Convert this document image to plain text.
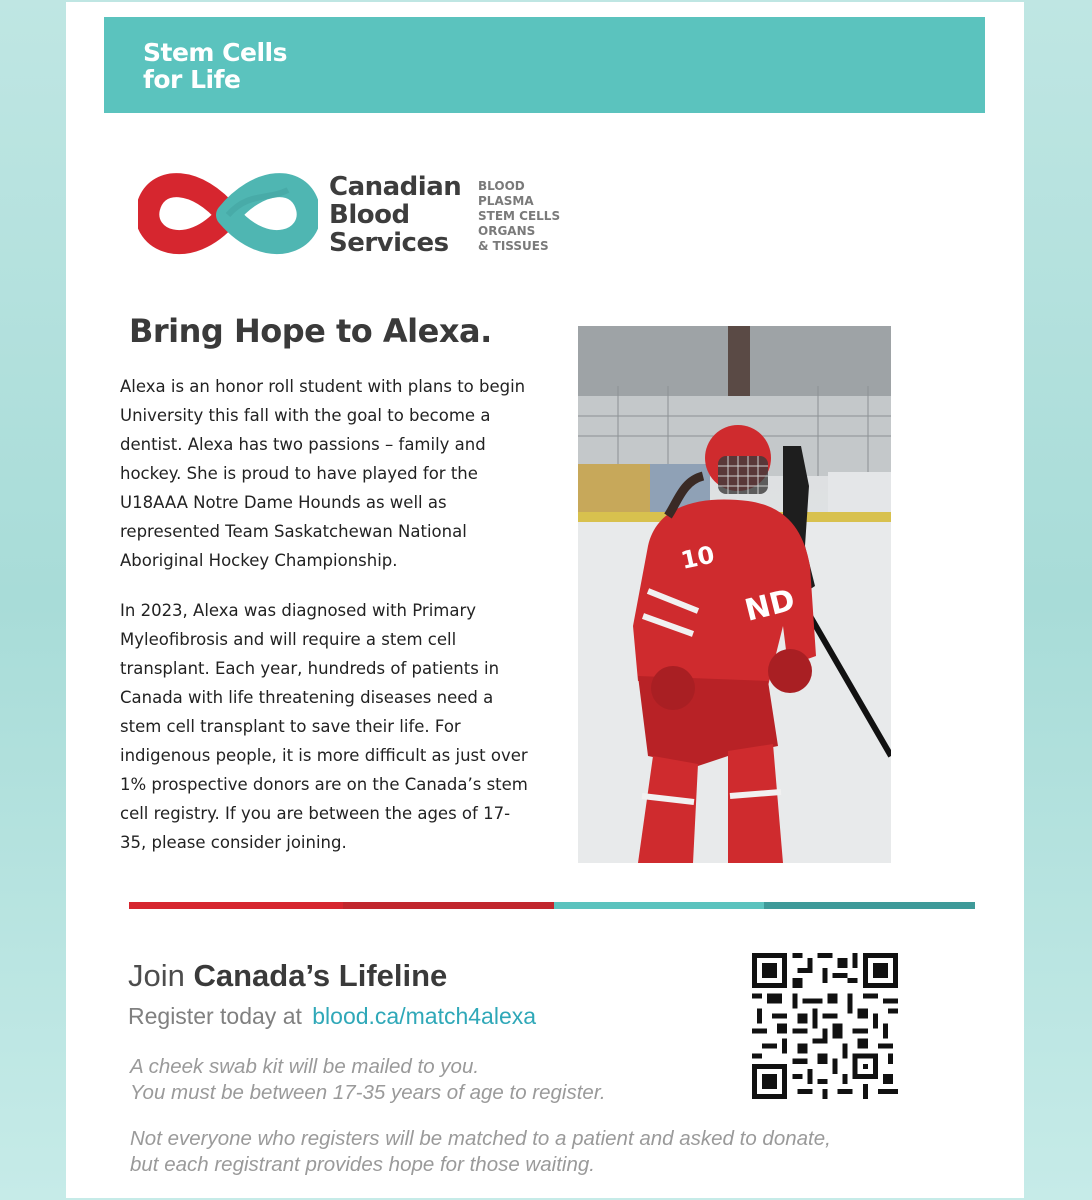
Stem Cells
for Life
Canadian
Blood
Services
BLOOD
PLASMA
STEM CELLS
ORGANS
& TISSUES
Bring Hope to Alexa.

Alexa is an honor roll student with plans to begin University this fall with the goal to become a dentist. Alexa has two passions – family and hockey. She is proud to have played for the U18AAA Notre Dame Hounds as well as represented Team Saskatchewan National Aboriginal Hockey Championship.

In 2023, Alexa was diagnosed with Primary Myleofibrosis and will require a stem cell transplant. Each year, hundreds of patients in Canada with life threatening diseases need a stem cell transplant to save their life. For indigenous people, it is more difficult as just over 1% prospective donors are on the Canada’s stem cell registry. If you are between the ages of 17-35, please consider joining.

10
ND
Join Canada’s Lifeline
Register today at blood.ca/match4alexa
A cheek swab kit will be mailed to you.
You must be between 17-35 years of age to register.
Not everyone who registers will be matched to a patient and asked to donate,
but each registrant provides hope for those waiting.
